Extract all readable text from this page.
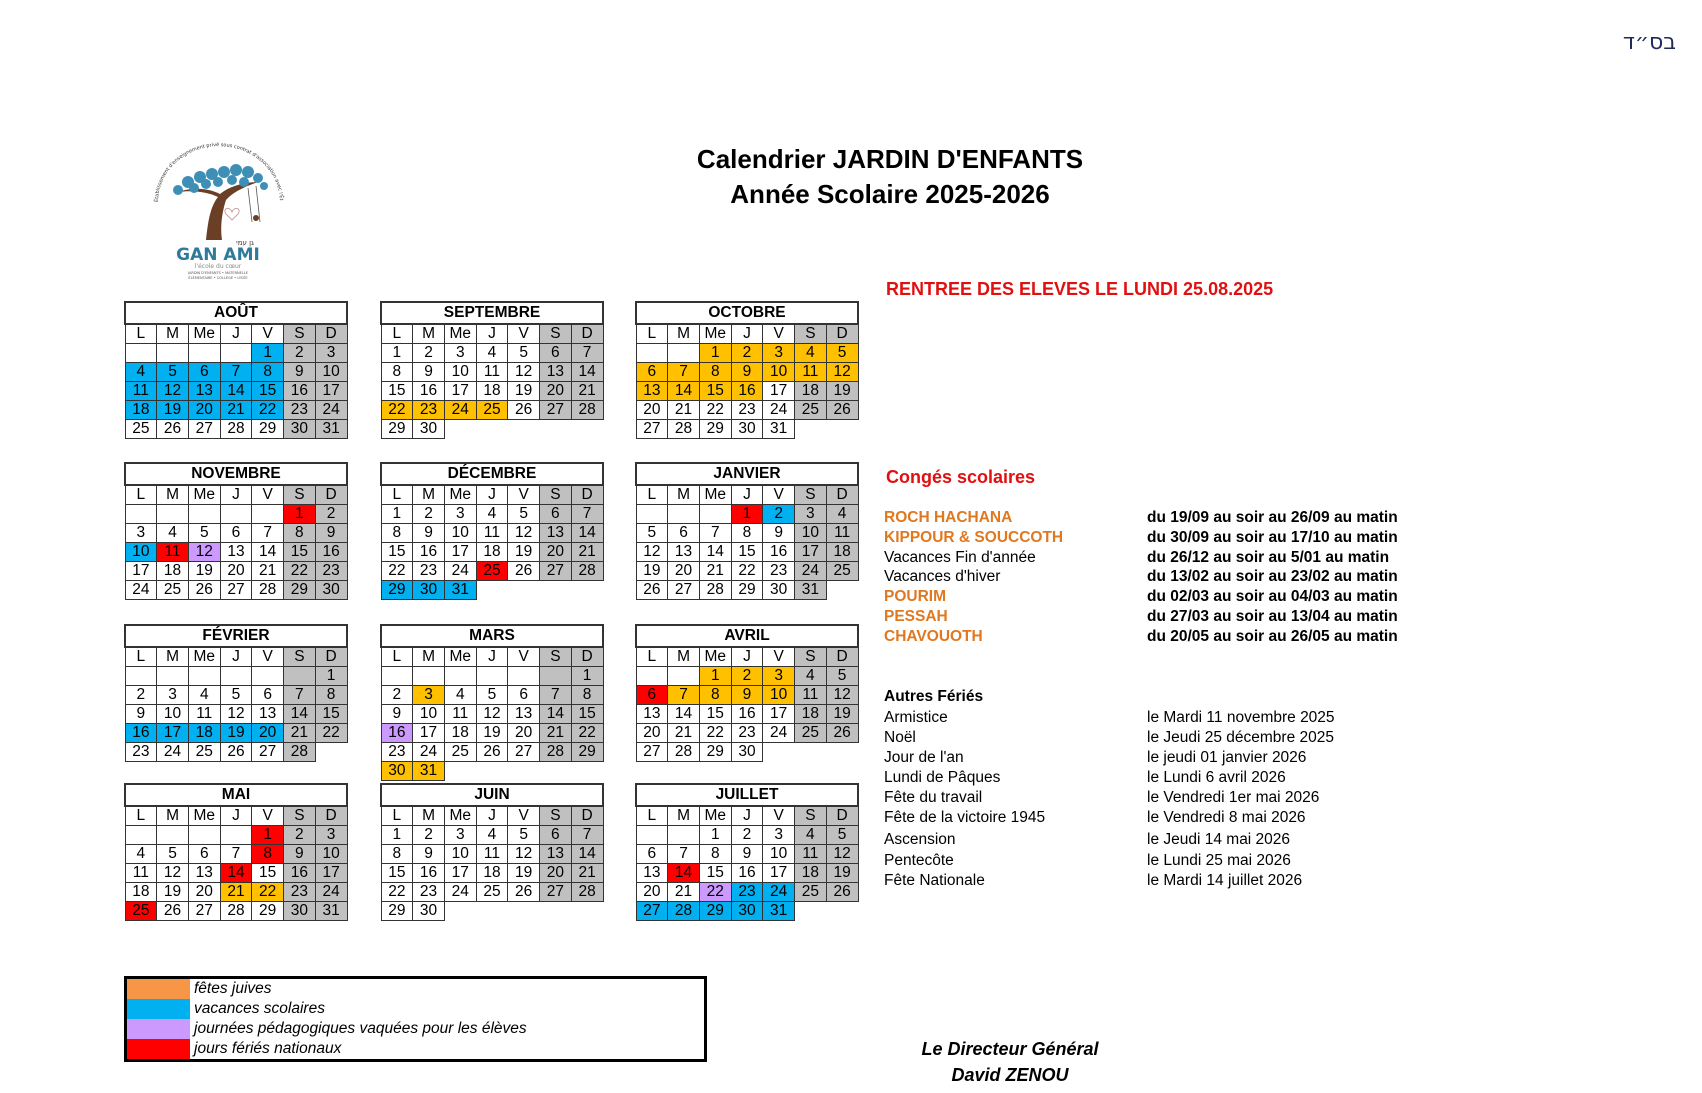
בס״ד
Établissement d'enseignement privé sous contrat d'association avec l'Ét
גן עמי
GAN AMI
l'école du cœur
JARDIN D'ENFANTS • MATERNELLE
ÉLÉMENTAIRE • COLLÈGE • LYCÉE
Calendrier JARDIN D'ENFANTS
Année Scolaire 2025-2026
AOÛT						
L	M	Me	J	V	S	D
				1	2	3
4	5	6	7	8	9	10
11	12	13	14	15	16	17
18	19	20	21	22	23	24
25	26	27	28	29	30	31
SEPTEMBRE						
L	M	Me	J	V	S	D
1	2	3	4	5	6	7
8	9	10	11	12	13	14
15	16	17	18	19	20	21
22	23	24	25	26	27	28
29	30					
OCTOBRE						
L	M	Me	J	V	S	D
		1	2	3	4	5
6	7	8	9	10	11	12
13	14	15	16	17	18	19
20	21	22	23	24	25	26
27	28	29	30	31		
NOVEMBRE						
L	M	Me	J	V	S	D
					1	2
3	4	5	6	7	8	9
10	11	12	13	14	15	16
17	18	19	20	21	22	23
24	25	26	27	28	29	30
DÉCEMBRE						
L	M	Me	J	V	S	D
1	2	3	4	5	6	7
8	9	10	11	12	13	14
15	16	17	18	19	20	21
22	23	24	25	26	27	28
29	30	31				
JANVIER						
L	M	Me	J	V	S	D
			1	2	3	4
5	6	7	8	9	10	11
12	13	14	15	16	17	18
19	20	21	22	23	24	25
26	27	28	29	30	31	
FÉVRIER						
L	M	Me	J	V	S	D
						1
2	3	4	5	6	7	8
9	10	11	12	13	14	15
16	17	18	19	20	21	22
23	24	25	26	27	28	
MARS						
L	M	Me	J	V	S	D
						1
2	3	4	5	6	7	8
9	10	11	12	13	14	15
16	17	18	19	20	21	22
23	24	25	26	27	28	29
30	31					
AVRIL						
L	M	Me	J	V	S	D
		1	2	3	4	5
6	7	8	9	10	11	12
13	14	15	16	17	18	19
20	21	22	23	24	25	26
27	28	29	30			
MAI						
L	M	Me	J	V	S	D
				1	2	3
4	5	6	7	8	9	10
11	12	13	14	15	16	17
18	19	20	21	22	23	24
25	26	27	28	29	30	31
JUIN						
L	M	Me	J	V	S	D
1	2	3	4	5	6	7
8	9	10	11	12	13	14
15	16	17	18	19	20	21
22	23	24	25	26	27	28
29	30					
JUILLET						
L	M	Me	J	V	S	D
		1	2	3	4	5
6	7	8	9	10	11	12
13	14	15	16	17	18	19
20	21	22	23	24	25	26
27	28	29	30	31		
RENTREE DES ELEVES LE LUNDI 25.08.2025
Congés scolaires
ROCH HACHANA	du 19/09 au soir au 26/09 au matin
KIPPOUR & SOUCCOTH	du 30/09 au soir au 17/10 au matin
Vacances Fin d'année	du 26/12 au soir au 5/01 au matin
Vacances d'hiver	du 13/02 au soir au 23/02 au matin
POURIM	du 02/03 au soir au 04/03 au matin
PESSAH	du 27/03 au soir au 13/04 au matin
CHAVOUOTH	du 20/05 au soir au 26/05 au matin
Autres Fériés
Armistice	le Mardi 11 novembre 2025
Noël	le Jeudi 25 décembre 2025
Jour de l'an	le jeudi 01 janvier 2026
Lundi de Pâques	le Lundi 6 avril 2026
Fête du travail	le Vendredi 1er mai 2026
Fête de la victoire 1945	le Vendredi 8 mai 2026
Ascension	le Jeudi 14 mai 2026
Pentecôte	le Lundi 25 mai 2026
Fête Nationale	le Mardi 14 juillet 2026
fêtes juives
vacances scolaires
journées pédagogiques vaquées pour les élèves
jours fériés nationaux	Le Directeur Général
David ZENOU
